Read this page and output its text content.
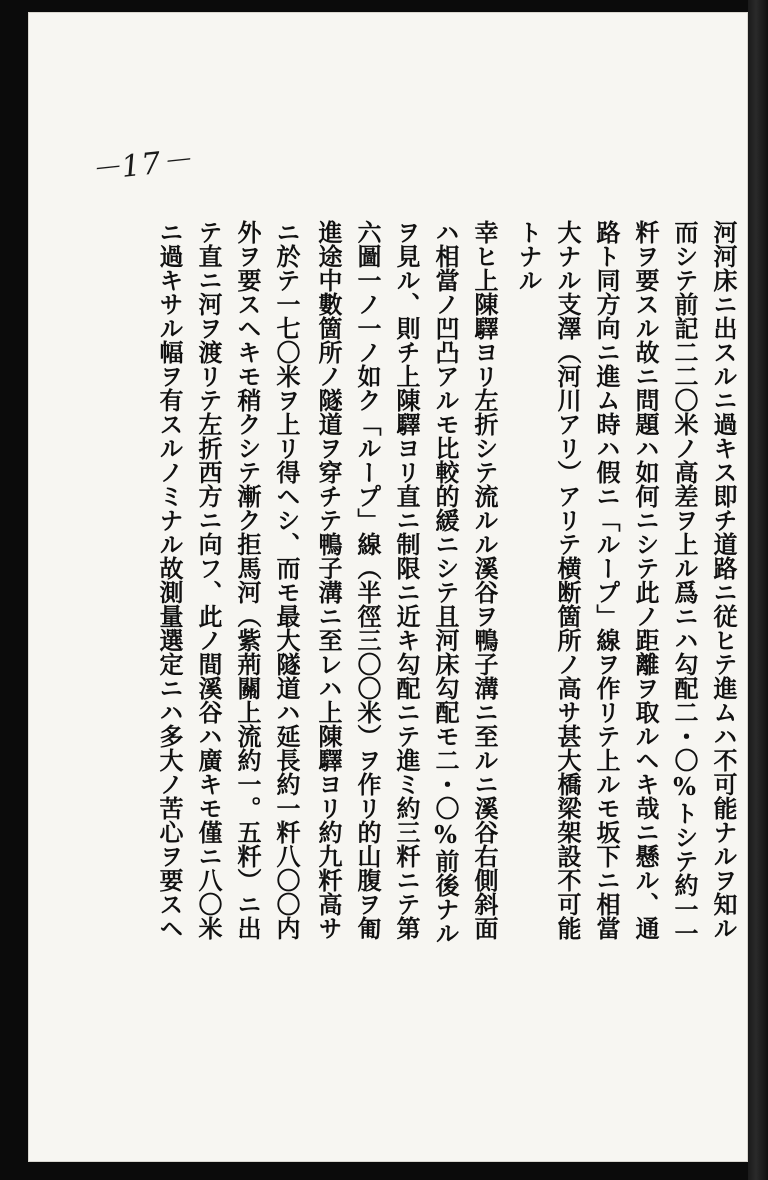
－17－
河河床ニ出スルニ過キス即チ道路ニ従ヒテ進ムハ不可能ナルヲ知ル
而シテ前記二二〇米ノ高差ヲ上ル爲ニハ勾配二・〇%トシテ約一一
粁ヲ要スル故ニ問題ハ如何ニシテ此ノ距離ヲ取ルヘキ哉ニ懸ル、通
路ト同方向ニ進ム時ハ假ニ「ループ」線ヲ作リテ上ルモ坂下ニ相當
大ナル支澤（河川アリ）アリテ横断箇所ノ高サ甚大橋梁架設不可能
トナル
幸ヒ上陳驛ヨリ左折シテ流ルル溪谷ヲ鴨子溝ニ至ルニ溪谷右側斜面
ハ相當ノ凹凸アルモ比較的緩ニシテ且河床勾配モ二・〇%前後ナル
ヲ見ル、則チ上陳驛ヨリ直ニ制限ニ近キ勾配ニテ進ミ約三粁ニテ第
六圖一ノ一ノ如ク「ループ」線（半徑三〇〇米）ヲ作リ的山腹ヲ匍
進途中數箇所ノ隧道ヲ穿チテ鴨子溝ニ至レハ上陳驛ヨリ約九粁高サ
ニ於テ一七〇米ヲ上リ得ヘシ、而モ最大隧道ハ延長約一粁八〇〇内
外ヲ要スヘキモ稍クシテ漸ク拒馬河（紫荊關上流約一。五粁）ニ出
テ直ニ河ヲ渡リテ左折西方ニ向フ、此ノ間溪谷ハ廣キモ僅ニ八〇米
ニ過キサル幅ヲ有スルノミナル故測量選定ニハ多大ノ苦心ヲ要スヘ
